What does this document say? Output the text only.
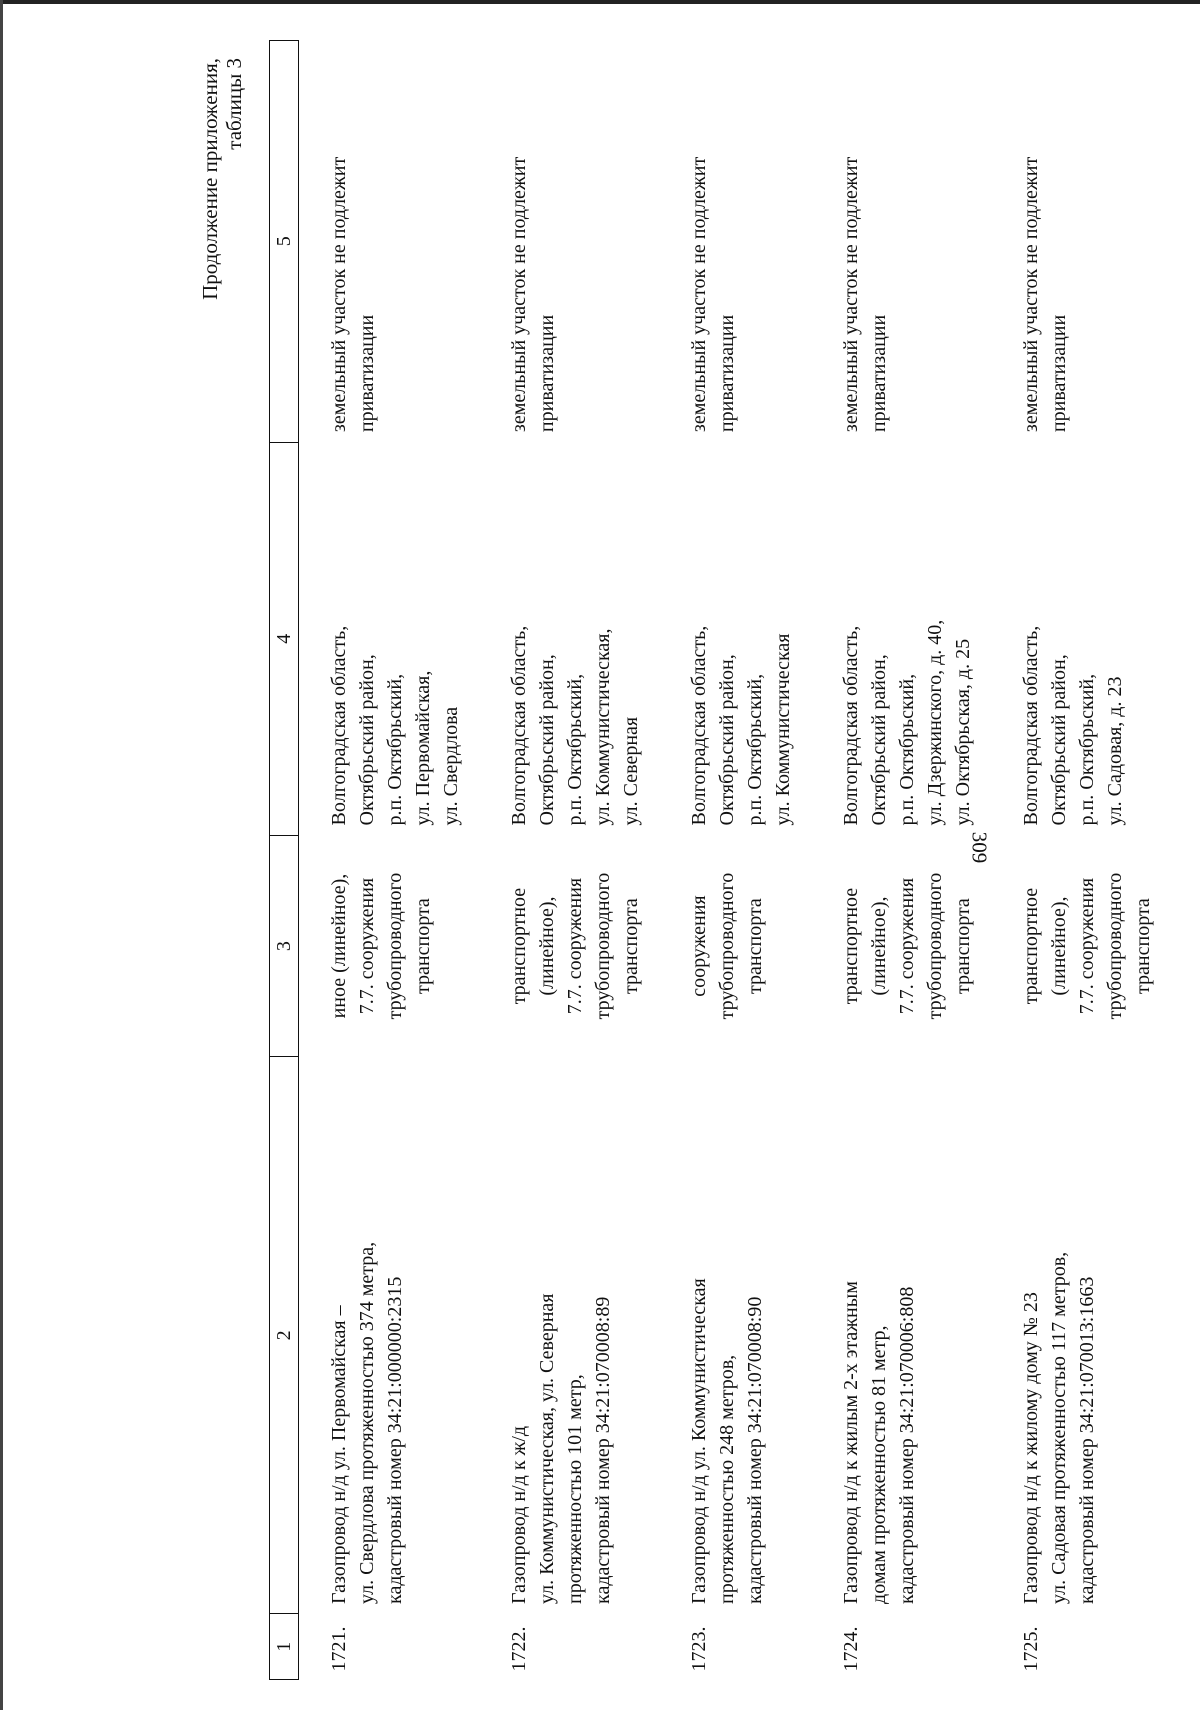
309
Продолжение приложения, таблицы 3
1	2	3	4	5
1721.	Газопровод н/д ул. Первомайская –
ул. Свердлова протяженностью 374 метра,
кадастровый номер 34:21:000000:2315	иное (линейное),
7.7. сооружения
трубопроводного
транспорта	Волгоградская область,
Октябрьский район,
р.п. Октябрьский,
ул. Первомайская,
ул. Свердлова	земельный участок не подлежит
приватизации
1722.	Газопровод н/д к ж/д
ул. Коммунистическая, ул. Северная
протяженностью 101 метр,
кадастровый номер 34:21:070008:89	транспортное
(линейное),
7.7. сооружения
трубопроводного
транспорта	Волгоградская область,
Октябрьский район,
р.п. Октябрьский,
ул. Коммунистическая,
ул. Северная	земельный участок не подлежит
приватизации
1723.	Газопровод н/д ул. Коммунистическая
протяженностью 248 метров,
кадастровый номер 34:21:070008:90	сооружения
трубопроводного
транспорта	Волгоградская область,
Октябрьский район,
р.п. Октябрьский,
ул. Коммунистическая	земельный участок не подлежит
приватизации
1724.	Газопровод н/д к жилым 2-х этажным
домам протяженностью 81 метр,
кадастровый номер 34:21:070006:808	транспортное
(линейное),
7.7. сооружения
трубопроводного
транспорта	Волгоградская область,
Октябрьский район,
р.п. Октябрьский,
ул. Дзержинского, д. 40,
ул. Октябрьская, д. 25	земельный участок не подлежит
приватизации
1725.	Газопровод н/д к жилому дому № 23
ул. Садовая протяженностью 117 метров,
кадастровый номер 34:21:070013:1663	транспортное
(линейное),
7.7. сооружения
трубопроводного
транспорта	Волгоградская область,
Октябрьский район,
р.п. Октябрьский,
ул. Садовая, д. 23	земельный участок не подлежит
приватизации
